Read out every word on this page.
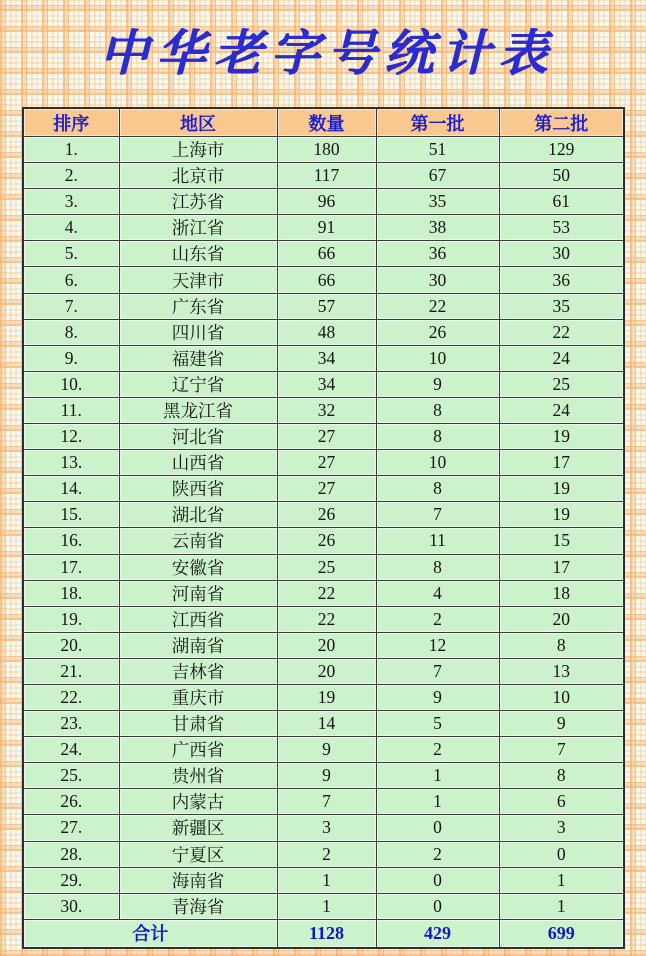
中华老字号统计表
排序	地区	数量	第一批	第二批
1.	上海市	180	51	129
2.	北京市	117	67	50
3.	江苏省	96	35	61
4.	浙江省	91	38	53
5.	山东省	66	36	30
6.	天津市	66	30	36
7.	广东省	57	22	35
8.	四川省	48	26	22
9.	福建省	34	10	24
10.	辽宁省	34	9	25
11.	黑龙江省	32	8	24
12.	河北省	27	8	19
13.	山西省	27	10	17
14.	陕西省	27	8	19
15.	湖北省	26	7	19
16.	云南省	26	11	15
17.	安徽省	25	8	17
18.	河南省	22	4	18
19.	江西省	22	2	20
20.	湖南省	20	12	8
21.	吉林省	20	7	13
22.	重庆市	19	9	10
23.	甘肃省	14	5	9
24.	广西省	9	2	7
25.	贵州省	9	1	8
26.	内蒙古	7	1	6
27.	新疆区	3	0	3
28.	宁夏区	2	2	0
29.	海南省	1	0	1
30.	青海省	1	0	1
合计		1128	429	699
